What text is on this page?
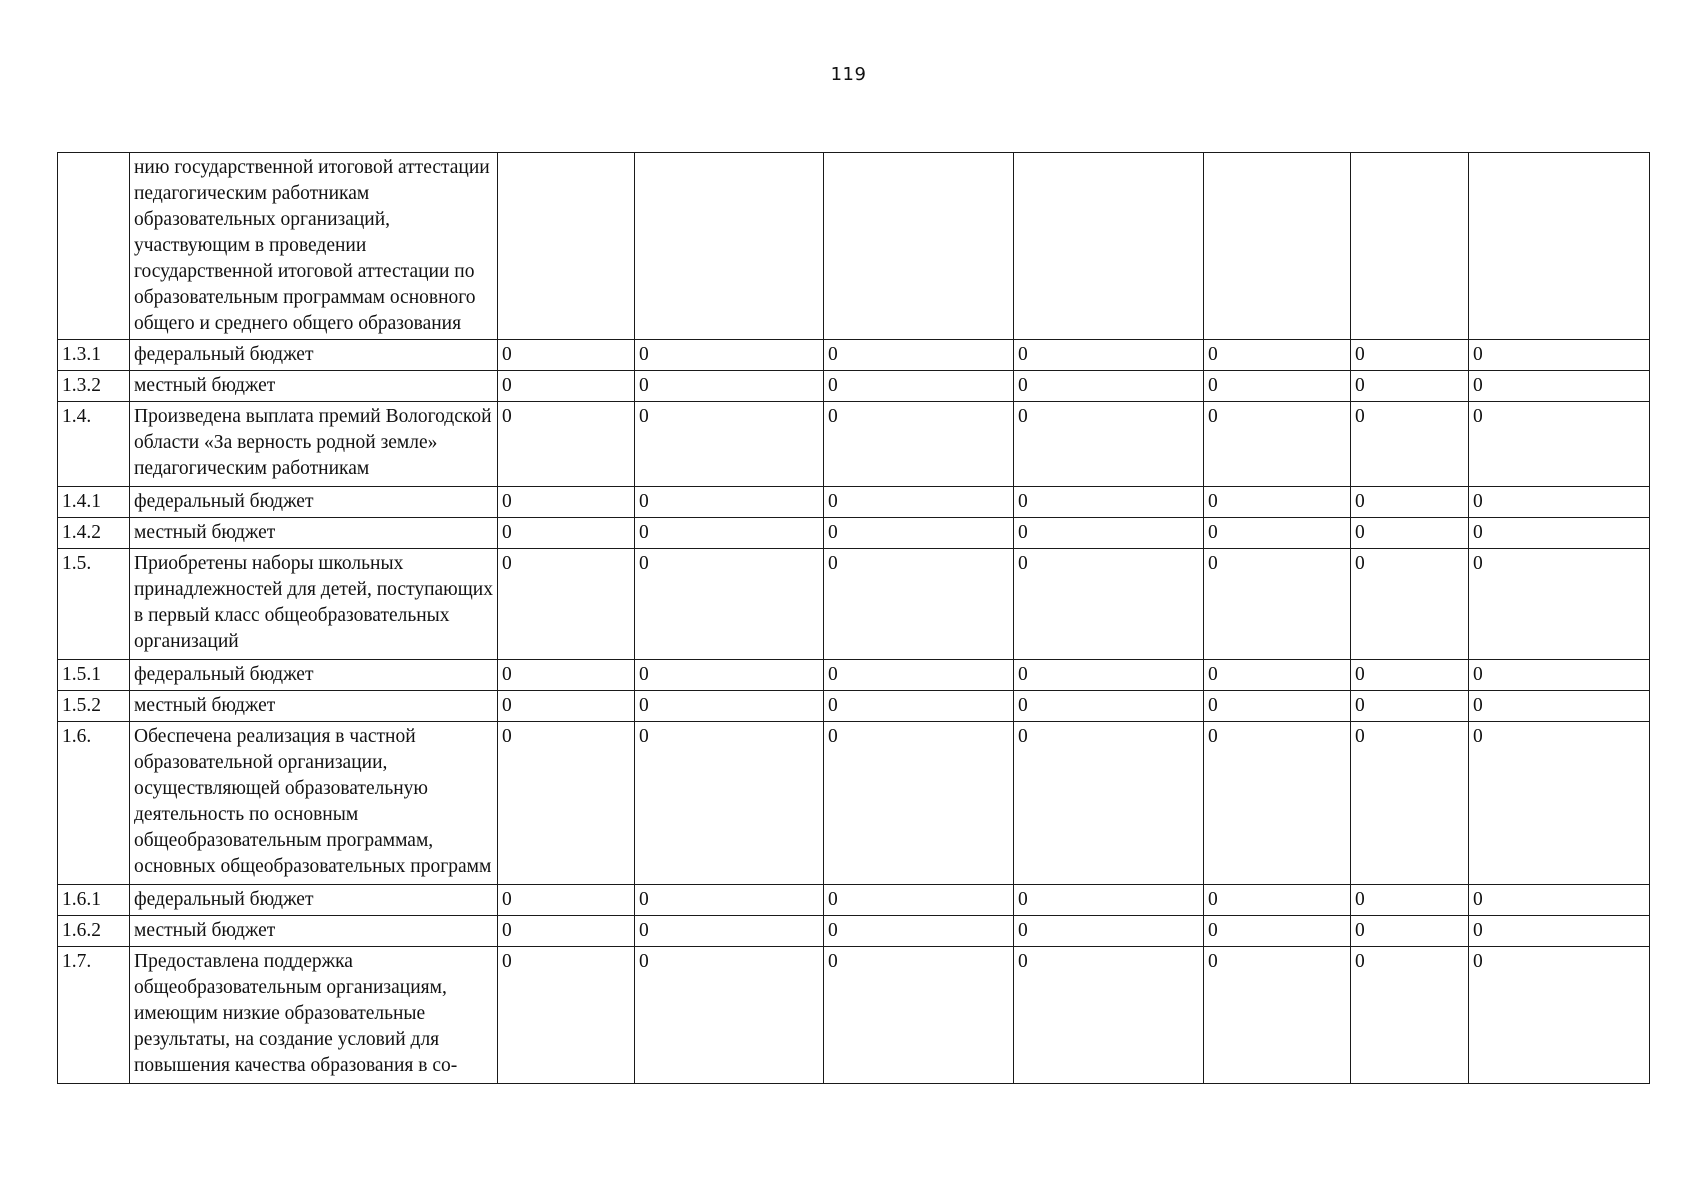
119
	нию государственной итоговой аттестации педагогическим работникам образовательных организаций, участвующим в проведении государственной итоговой аттестации по образовательным программам основного общего и среднего общего образования							
1.3.1	федеральный бюджет	0	0	0	0	0	0	0
1.3.2	местный бюджет	0	0	0	0	0	0	0
1.4.	Произведена выплата премий Вологодской области «За верность родной земле» педагогическим работникам	0	0	0	0	0	0	0
1.4.1	федеральный бюджет	0	0	0	0	0	0	0
1.4.2	местный бюджет	0	0	0	0	0	0	0
1.5.	Приобретены наборы школьных принадлежностей для детей, поступающих в первый класс общеобразовательных организаций	0	0	0	0	0	0	0
1.5.1	федеральный бюджет	0	0	0	0	0	0	0
1.5.2	местный бюджет	0	0	0	0	0	0	0
1.6.	Обеспечена реализация в частной образовательной организации, осуществляющей образовательную деятельность по основным общеобразовательным программам, основных общеобразовательных программ	0	0	0	0	0	0	0
1.6.1	федеральный бюджет	0	0	0	0	0	0	0
1.6.2	местный бюджет	0	0	0	0	0	0	0
1.7.	Предоставлена поддержка общеобразовательным организациям, имеющим низкие образовательные результаты, на создание условий для повышения качества образования в со-	0	0	0	0	0	0	0
